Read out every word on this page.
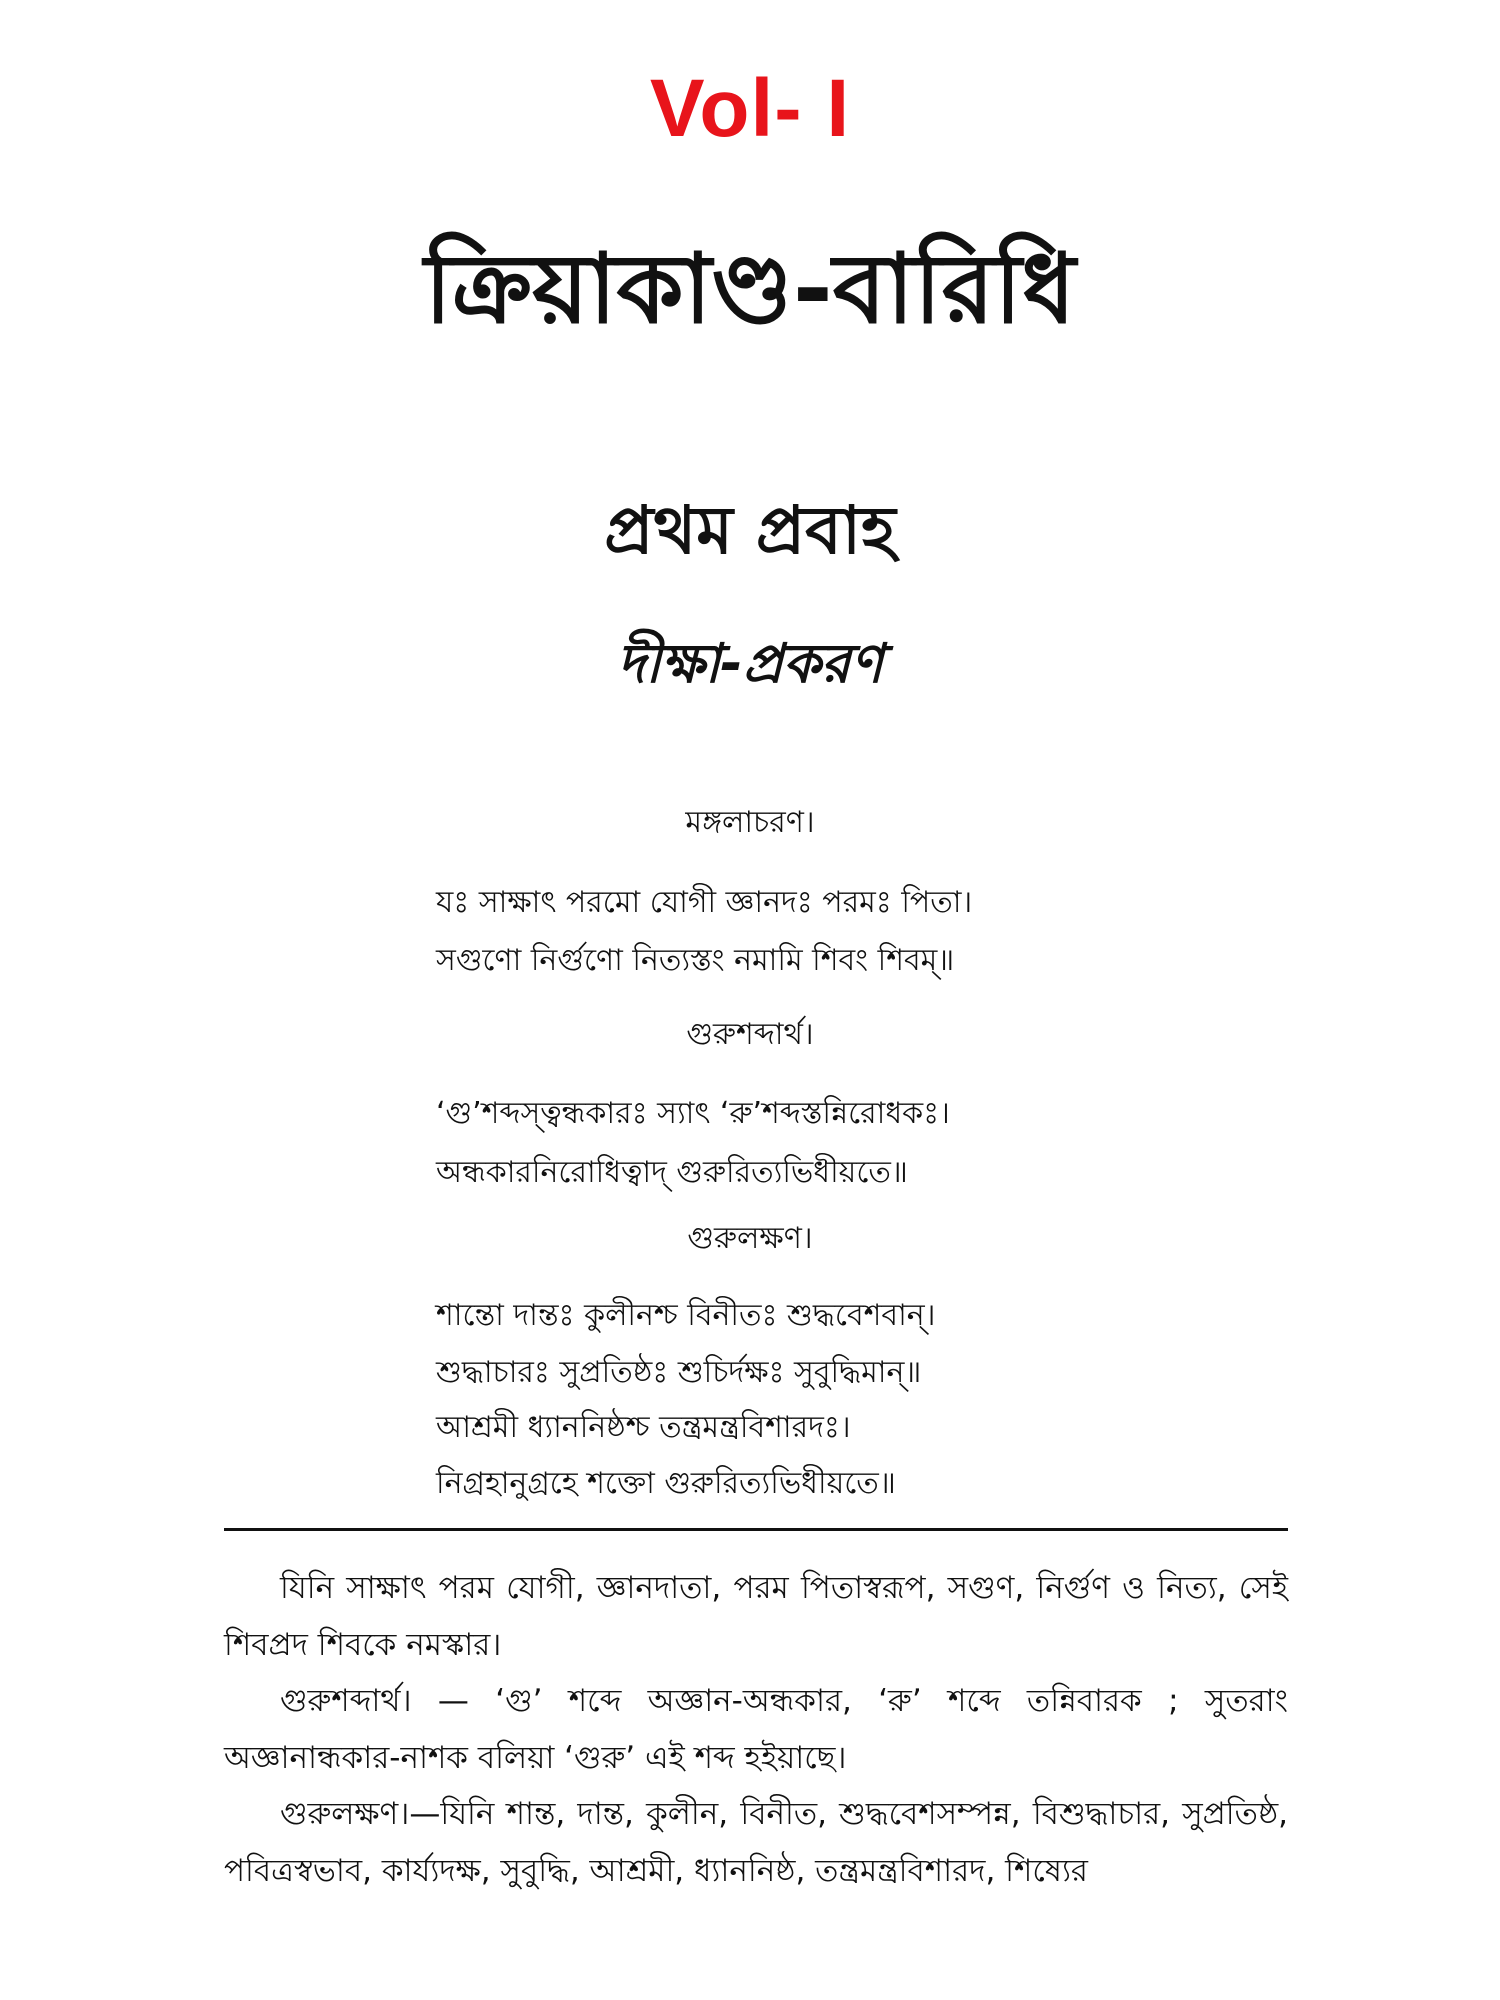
Vol- I
ক্রিয়াকাণ্ড-বারিধি
প্রথম প্রবাহ
দীক্ষা-প্রকরণ
মঙ্গলাচরণ।
যঃ সাক্ষাৎ পরমো যোগী জ্ঞানদঃ পরমঃ পিতা।
সগুণো নির্গুণো নিত্যস্তং নমামি শিবং শিবম্॥
গুরুশব্দার্থ।
‘গু’শব্দস্ত্বন্ধকারঃ স্যাৎ ‘রু’শব্দস্তন্নিরোধকঃ।
অন্ধকারনিরোধিত্বাদ্ গুরুরিত্যভিধীয়তে॥
গুরুলক্ষণ।
শান্তো দান্তঃ কুলীনশ্চ বিনীতঃ শুদ্ধবেশবান্।
শুদ্ধাচারঃ সুপ্রতিষ্ঠঃ শুচির্দক্ষঃ সুবুদ্ধিমান্॥
আশ্রমী ধ্যাননিষ্ঠশ্চ তন্ত্রমন্ত্রবিশারদঃ।
নিগ্রহানুগ্রহে শক্তো গুরুরিত্যভিধীয়তে॥

যিনি সাক্ষাৎ পরম যোগী, জ্ঞানদাতা, পরম পিতাস্বরূপ, সগুণ, নির্গুণ ও নিত্য, সেই শিবপ্রদ শিবকে নমস্কার।

গুরুশব্দার্থ। — ‘গু’ শব্দে অজ্ঞান-অন্ধকার, ‘রু’ শব্দে তন্নিবারক ; সুতরাং অজ্ঞানান্ধকার-নাশক বলিয়া ‘গুরু’ এই শব্দ হইয়াছে।

গুরুলক্ষণ।—যিনি শান্ত, দান্ত, কুলীন, বিনীত, শুদ্ধবেশসম্পন্ন, বিশুদ্ধাচার, সুপ্রতিষ্ঠ, পবিত্রস্বভাব, কার্য্যদক্ষ, সুবুদ্ধি, আশ্রমী, ধ্যাননিষ্ঠ, তন্ত্রমন্ত্রবিশারদ, শিষ্যের
